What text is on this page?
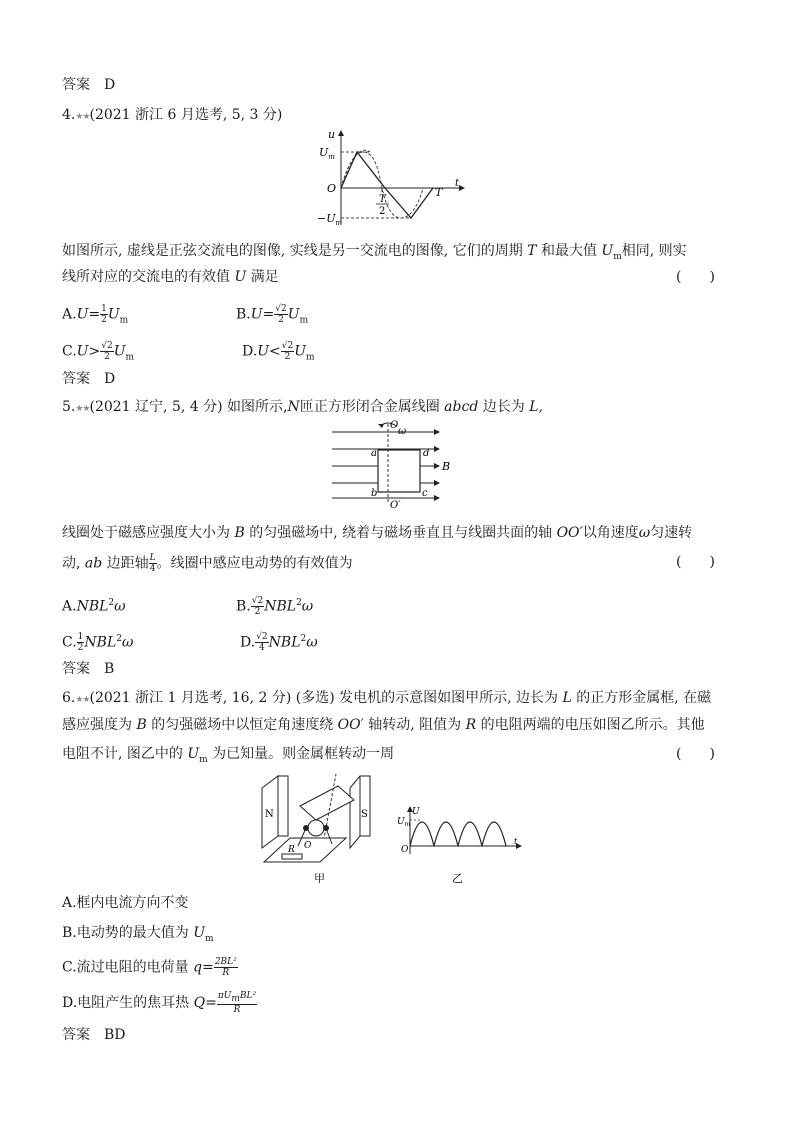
答案　D
4.★★(2021 浙江 6 月选考, 5, 3 分)
u
$U_m$
O
$-U_m$
T
2
T
t
如图所示, 虚线是正弦交流电的图像, 实线是另一交流电的图像, 它们的周期 T 和最大值 $U_m$相同, 则实
线所对应的交流电的有效值 U 满足	(　　)
$A.U= \frac{1}{2} U_m$	$B.U= \frac{√2}{2} U_m$
$C.U> \frac{√2}{2} U_m$	$D.U< \frac{√2}{2} U_m$
答案　D
5.★★(2021 辽宁, 5, 4 分) 如图所示,N匝正方形闭合金属线圈 abcd 边长为 L,
O
ω
a	d
b	c
B
O′
线圈处于磁感应强度大小为 B 的匀强磁场中, 绕着与磁场垂直且与线圈共面的轴 OO′以角速度ω匀速转
动, ab 边距轴 $\frac{L}{4}$ 。线圈中感应电动势的有效值为	(　　)
A.NBL$^2$ω	B. $\frac{√2}{2} NBL^2\omega$
C. $\frac{1}{2} NBL^2\omega$	D. $\frac{√2}{4} NBL^2\omega$
答案　B
6.★★(2021 浙江 1 月选考, 16, 2 分) (多选) 发电机的示意图如图甲所示, 边长为 L 的正方形金属框, 在磁
感应强度为 B 的匀强磁场中以恒定角速度绕 OO′ 轴转动, 阻值为 R 的电阻两端的电压如图乙所示。其他
电阻不计, 图乙中的 $U_m$ 为已知量。则金属框转动一周	(　　)
N	S
O
R
甲
U
$U_m$
O
t
乙
A.框内电流方向不变
B.电动势的最大值为 $U_m$
C.流过电阻的电荷量 $q= \frac{\text{2BL²}}{R}$
D.电阻产生的焦耳热 $Q= \frac{\pi U_mBL^2}{R}$
答案　BD
